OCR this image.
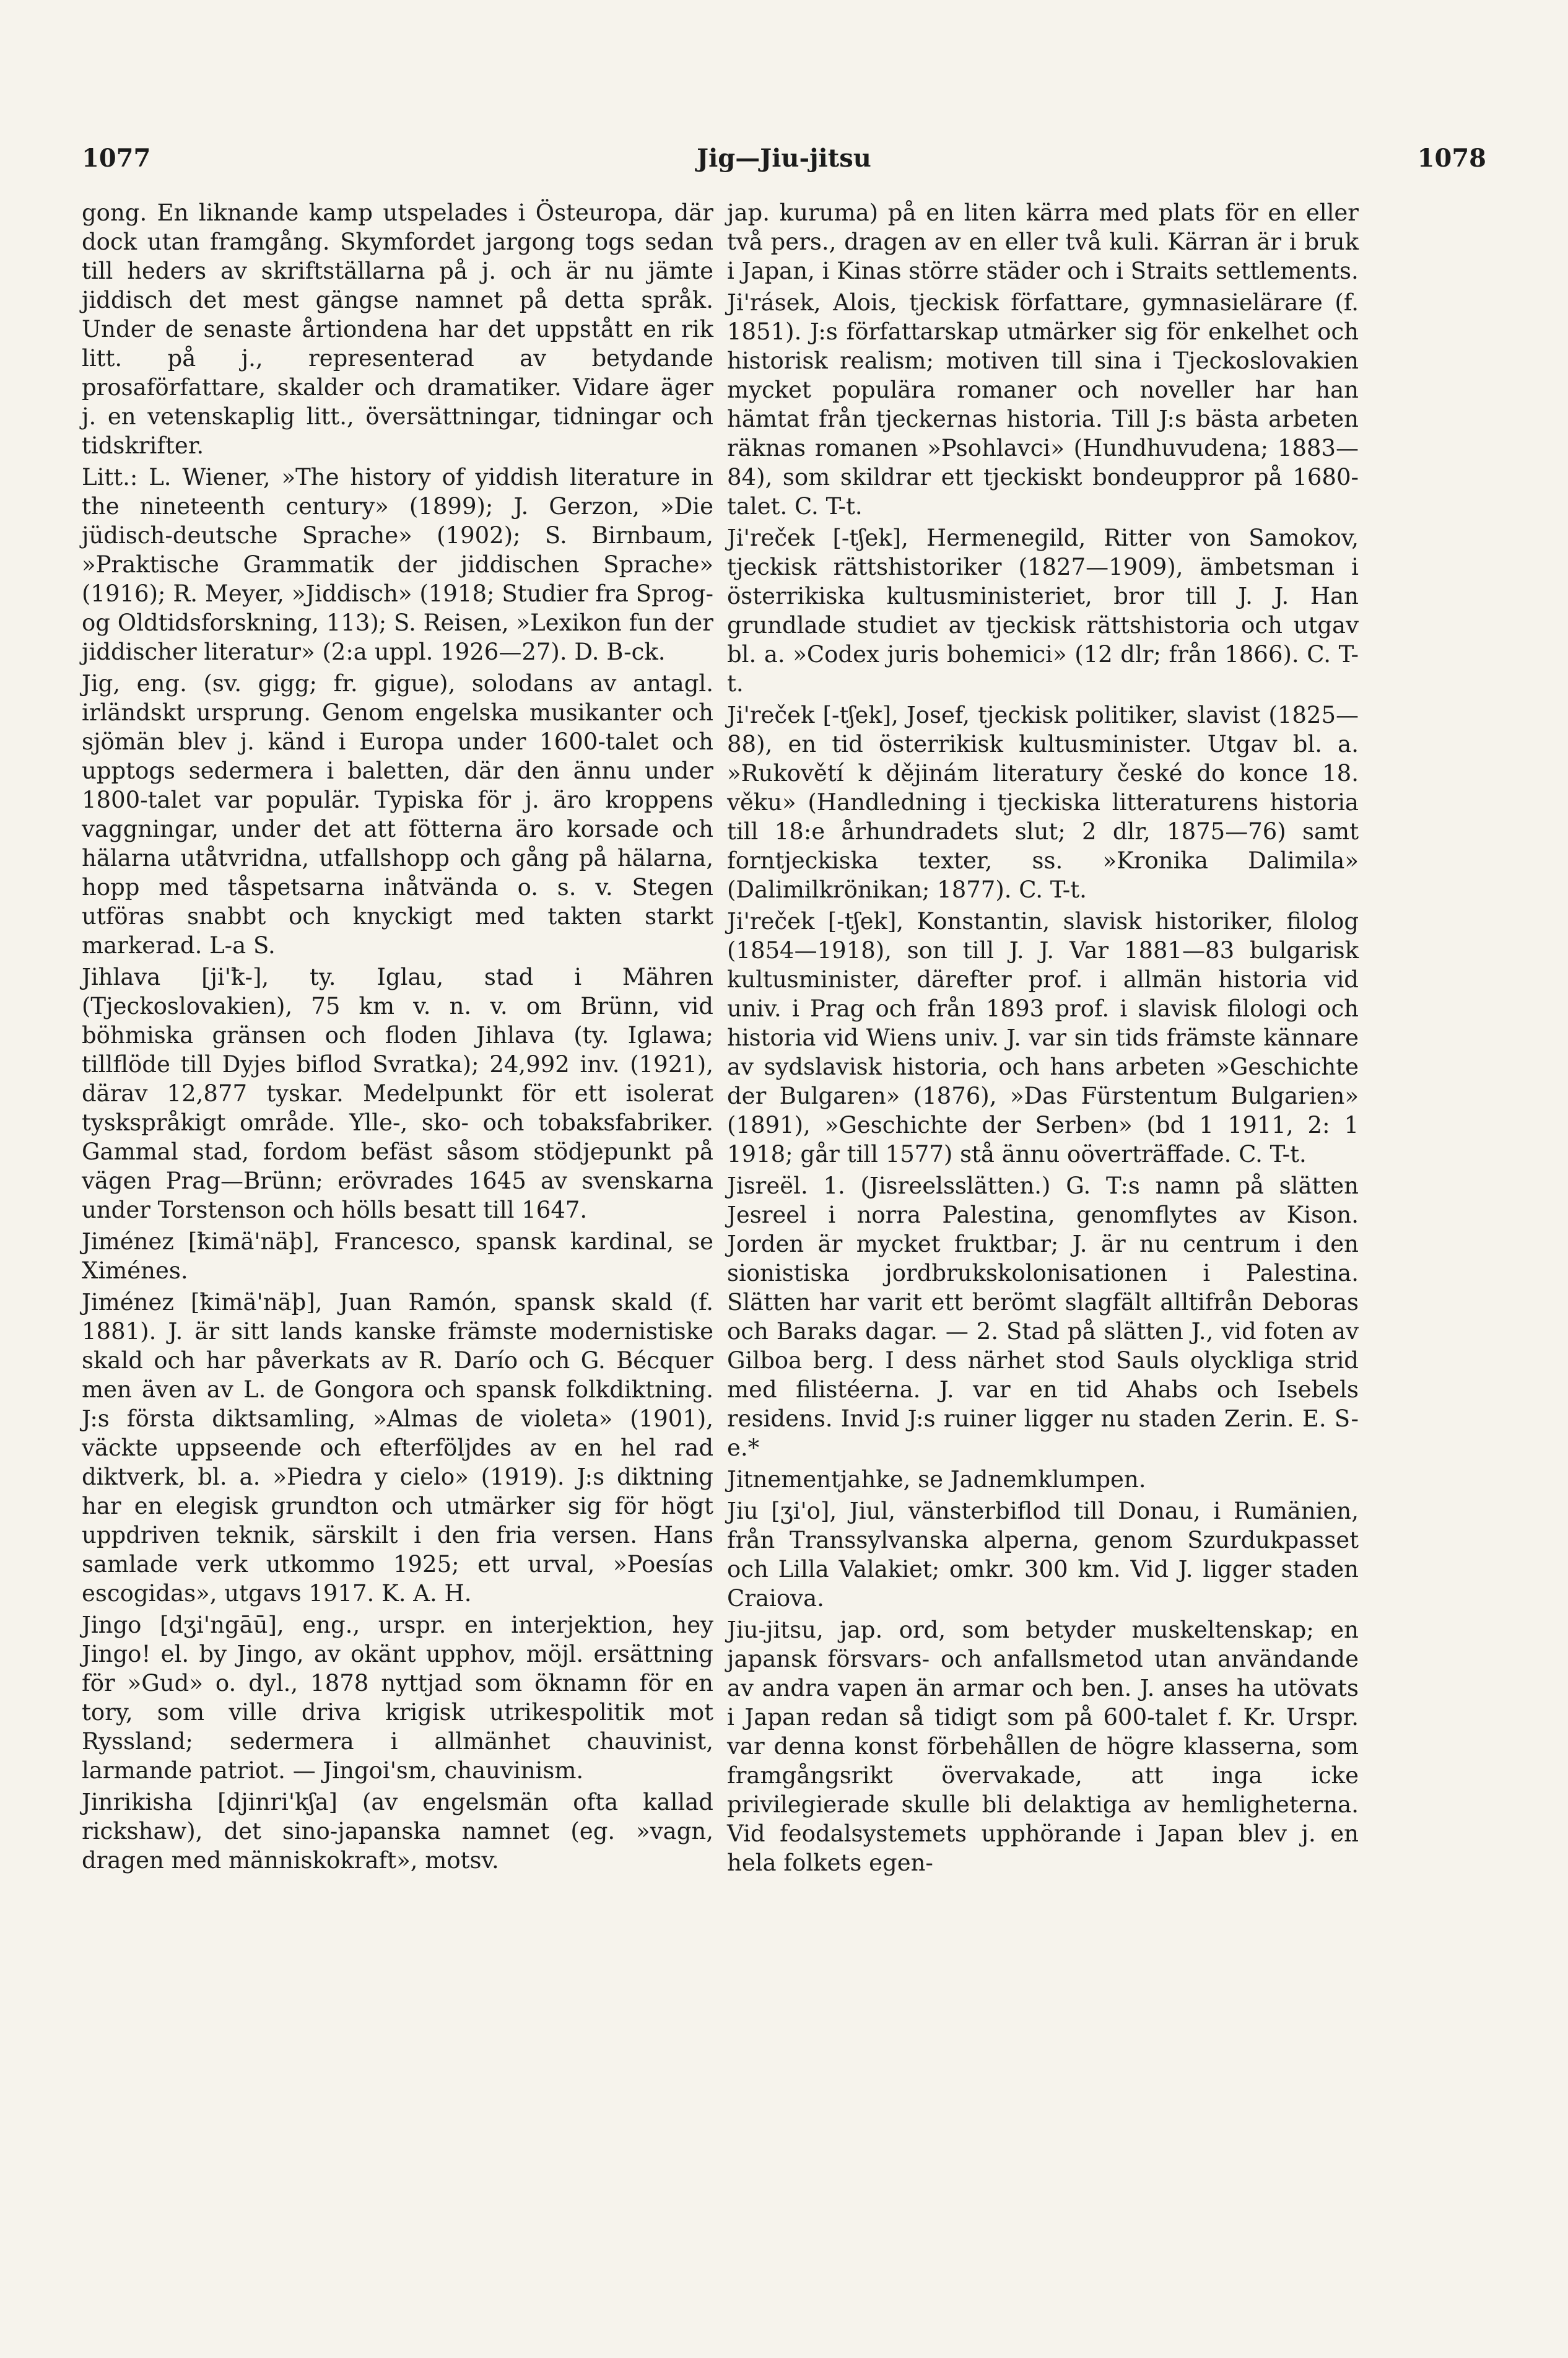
1077	Jig—Jiu-jitsu	1078

gong. En liknande kamp utspelades i Östeuropa, där dock utan framgång. Skymfordet jargong togs sedan till heders av skriftställarna på j. och är nu jämte jiddisch det mest gängse namnet på detta språk. Under de senaste årtiondena har det uppstått en rik litt. på j., representerad av betydande prosaförfattare, skalder och dramatiker. Vidare äger j. en vetenskaplig litt., översättningar, tidningar och tidskrifter.

Litt.: L. Wiener, »The history of yiddish literature in the nineteenth century» (1899); J. Gerzon, »Die jüdisch-deutsche Sprache» (1902); S. Birnbaum, »Praktische Grammatik der jiddischen Sprache» (1916); R. Meyer, »Jiddisch» (1918; Studier fra Sprog- og Oldtidsforskning, 113); S. Reisen, »Lexikon fun der jiddischer literatur» (2:a uppl. 1926—27). D. B-ck.

Jig, eng. (sv. gigg; fr. gigue), solodans av antagl. irländskt ursprung. Genom engelska musikanter och sjömän blev j. känd i Europa under 1600-talet och upptogs sedermera i baletten, där den ännu under 1800-talet var populär. Typiska för j. äro kroppens vaggningar, under det att fötterna äro korsade och hälarna utåtvridna, utfallshopp och gång på hälarna, hopp med tåspetsarna inåtvända o. s. v. Stegen utföras snabbt och knyckigt med takten starkt markerad. L-a S.

Jihlava [ji'ꝁ-], ty. Iglau, stad i Mähren (Tjeckoslovakien), 75 km v. n. v. om Brünn, vid böhmiska gränsen och floden Jihlava (ty. Iglawa; tillflöde till Dyjes biflod Svratka); 24,992 inv. (1921), därav 12,877 tyskar. Medelpunkt för ett isolerat tyskspråkigt område. Ylle-, sko- och tobaksfabriker. Gammal stad, fordom befäst såsom stödjepunkt på vägen Prag—Brünn; erövrades 1645 av svenskarna under Torstenson och hölls besatt till 1647.

Jiménez [ꝁimä'näþ], Francesco, spansk kardinal, se Ximénes.

Jiménez [ꝁimä'näþ], Juan Ramón, spansk skald (f. 1881). J. är sitt lands kanske främste modernistiske skald och har påverkats av R. Darío och G. Bécquer men även av L. de Gongora och spansk folkdiktning. J:s första diktsamling, »Almas de violeta» (1901), väckte uppseende och efterföljdes av en hel rad diktverk, bl. a. »Piedra y cielo» (1919). J:s diktning har en elegisk grundton och utmärker sig för högt uppdriven teknik, särskilt i den fria versen. Hans samlade verk utkommo 1925; ett urval, »Poesías escogidas», utgavs 1917. K. A. H.

Jingo [dʒi'ngāū], eng., urspr. en interjektion, hey Jingo! el. by Jingo, av okänt upphov, möjl. ersättning för »Gud» o. dyl., 1878 nyttjad som öknamn för en tory, som ville driva krigisk utrikespolitik mot Ryssland; sedermera i allmänhet chauvinist, larmande patriot. — Jingoi'sm, chauvinism.

Jinrikisha [djinri'kʃa] (av engelsmän ofta kallad rickshaw), det sino-japanska namnet (eg. »vagn, dragen med människokraft», motsv.

jap. kuruma) på en liten kärra med plats för en eller två pers., dragen av en eller två kuli. Kärran är i bruk i Japan, i Kinas större städer och i Straits settlements.

Ji'rásek, Alois, tjeckisk författare, gymnasielärare (f. 1851). J:s författarskap utmärker sig för enkelhet och historisk realism; motiven till sina i Tjeckoslovakien mycket populära romaner och noveller har han hämtat från tjeckernas historia. Till J:s bästa arbeten räknas romanen »Psohlavci» (Hundhuvudena; 1883—84), som skildrar ett tjeckiskt bondeuppror på 1680-talet. C. T-t.

Ji'reček [-tʃek], Hermenegild, Ritter von Samokov, tjeckisk rättshistoriker (1827—1909), ämbetsman i österrikiska kultusministeriet, bror till J. J. Han grundlade studiet av tjeckisk rättshistoria och utgav bl. a. »Codex juris bohemici» (12 dlr; från 1866). C. T-t.

Ji'reček [-tʃek], Josef, tjeckisk politiker, slavist (1825—88), en tid österrikisk kultusminister. Utgav bl. a. »Rukovětí k dějinám literatury české do konce 18. věku» (Handledning i tjeckiska litteraturens historia till 18:e århundradets slut; 2 dlr, 1875—76) samt forntjeckiska texter, ss. »Kronika Dalimila» (Dalimilkrönikan; 1877). C. T-t.

Ji'reček [-tʃek], Konstantin, slavisk historiker, filolog (1854—1918), son till J. J. Var 1881—83 bulgarisk kultusminister, därefter prof. i allmän historia vid univ. i Prag och från 1893 prof. i slavisk filologi och historia vid Wiens univ. J. var sin tids främste kännare av sydslavisk historia, och hans arbeten »Geschichte der Bulgaren» (1876), »Das Fürstentum Bulgarien» (1891), »Geschichte der Serben» (bd 1 1911, 2: 1 1918; går till 1577) stå ännu oöverträffade. C. T-t.

Jisreël. 1. (Jisreelsslätten.) G. T:s namn på slätten Jesreel i norra Palestina, genomflytes av Kison. Jorden är mycket fruktbar; J. är nu centrum i den sionistiska jordbrukskolonisationen i Palestina. Slätten har varit ett berömt slagfält alltifrån Deboras och Baraks dagar. — 2. Stad på slätten J., vid foten av Gilboa berg. I dess närhet stod Sauls olyckliga strid med filistéerna. J. var en tid Ahabs och Isebels residens. Invid J:s ruiner ligger nu staden Zerin. E. S-e.*

Jitnementjahke, se Jadnemklumpen.

Jiu [ʒi'o], Jiul, vänsterbiflod till Donau, i Rumänien, från Transsylvanska alperna, genom Szurdukpasset och Lilla Valakiet; omkr. 300 km. Vid J. ligger staden Craiova.

Jiu-jitsu, jap. ord, som betyder muskeltenskap; en japansk försvars- och anfallsmetod utan användande av andra vapen än armar och ben. J. anses ha utövats i Japan redan så tidigt som på 600-talet f. Kr. Urspr. var denna konst förbehållen de högre klasserna, som framgångsrikt övervakade, att inga icke privilegierade skulle bli delaktiga av hemligheterna. Vid feodalsystemets upphörande i Japan blev j. en hela folkets egen-
